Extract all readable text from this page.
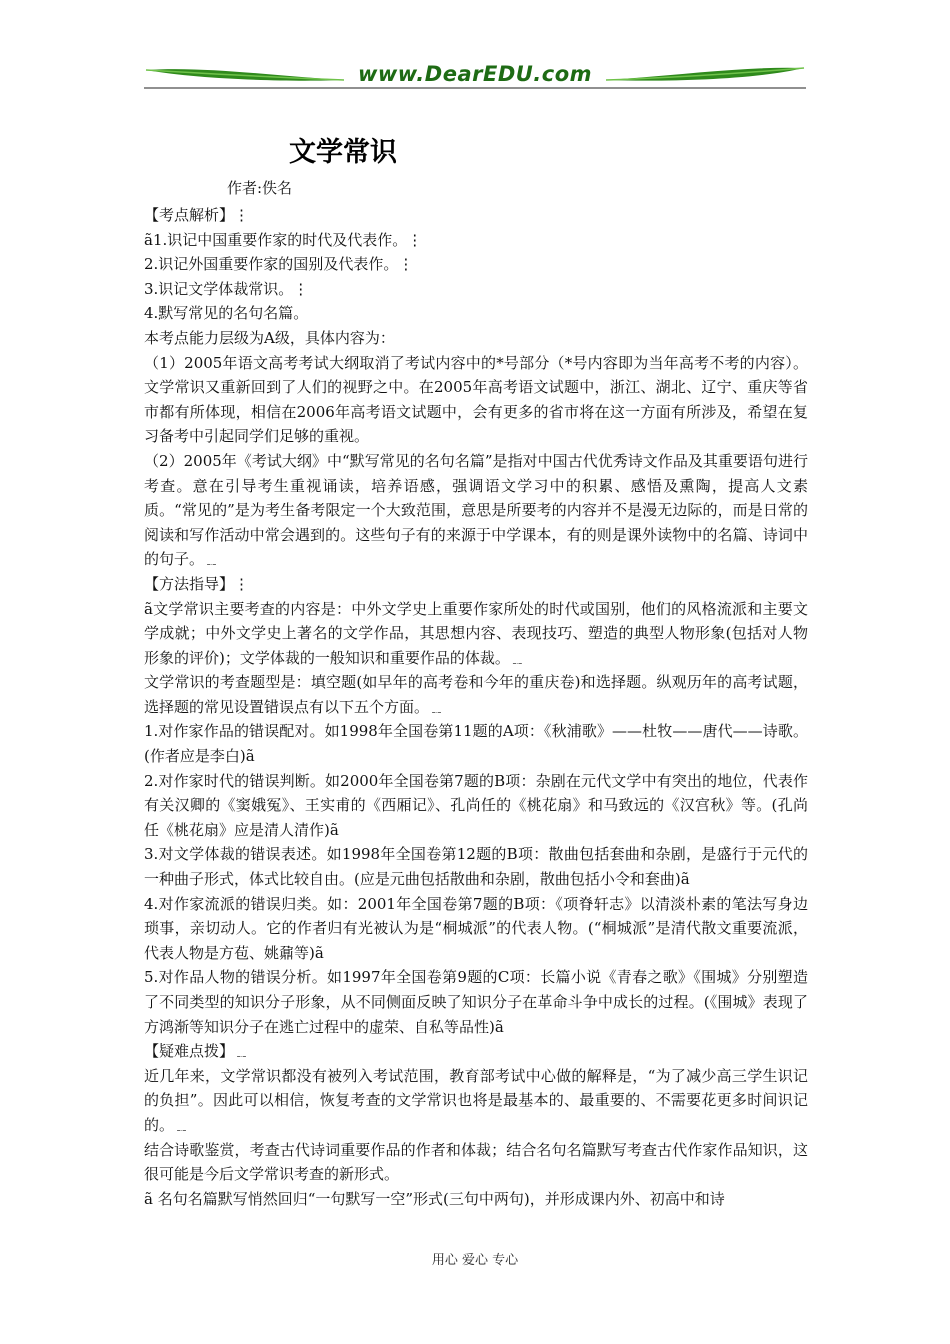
www.DearEDU.com
文学常识
作者:佚名

【考点解析】⋮

ã1.识记中国重要作家的时代及代表作。⋮

2.识记外国重要作家的国别及代表作。⋮

3.识记文学体裁常识。⋮

4.默写常见的名句名篇。

本考点能力层级为A级，具体内容为：

（1）2005年语文高考考试大纲取消了考试内容中的*号部分（*号内容即为当年高考不考的内容）。文学常识又重新回到了人们的视野之中。在2005年高考语文试题中，浙江、湖北、辽宁、重庆等省市都有所体现，相信在2006年高考语文试题中，会有更多的省市将在这一方面有所涉及，希望在复习备考中引起同学们足够的重视。

（2）2005年《考试大纲》中“默写常见的名句名篇”是指对中国古代优秀诗文作品及其重要语句进行考查。意在引导考生重视诵读，培养语感，强调语文学习中的积累、感悟及熏陶，提高人文素质。“常见的”是为考生备考限定一个大致范围，意思是所要考的内容并不是漫无边际的，而是日常的阅读和写作活动中常会遇到的。这些句子有的来源于中学课本，有的则是课外读物中的名篇、诗词中的句子。﹎

【方法指导】⋮

ã文学常识主要考查的内容是：中外文学史上重要作家所处的时代或国别，他们的风格流派和主要文学成就；中外文学史上著名的文学作品，其思想内容、表现技巧、塑造的典型人物形象(包括对人物形象的评价)；文学体裁的一般知识和重要作品的体裁。﹎

文学常识的考查题型是：填空题(如早年的高考卷和今年的重庆卷)和选择题。纵观历年的高考试题，选择题的常见设置错误点有以下五个方面。﹎

1.对作家作品的错误配对。如1998年全国卷第11题的A项：《秋浦歌》——杜牧——唐代——诗歌。(作者应是李白)ã

2.对作家时代的错误判断。如2000年全国卷第7题的B项：杂剧在元代文学中有突出的地位，代表作有关汉卿的《窦娥冤》、王实甫的《西厢记》、孔尚任的《桃花扇》和马致远的《汉宫秋》等。(孔尚任《桃花扇》应是清人清作)ã

3.对文学体裁的错误表述。如1998年全国卷第12题的B项：散曲包括套曲和杂剧，是盛行于元代的一种曲子形式，体式比较自由。(应是元曲包括散曲和杂剧，散曲包括小令和套曲)ã

4.对作家流派的错误归类。如：2001年全国卷第7题的B项：《项脊轩志》以清淡朴素的笔法写身边琐事，亲切动人。它的作者归有光被认为是“桐城派”的代表人物。(“桐城派”是清代散文重要流派，代表人物是方苞、姚鼐等)ã

5.对作品人物的错误分析。如1997年全国卷第9题的C项：长篇小说《青春之歌》《围城》分别塑造了不同类型的知识分子形象，从不同侧面反映了知识分子在革命斗争中成长的过程。(《围城》表现了方鸿渐等知识分子在逃亡过程中的虚荣、自私等品性)ã

【疑难点拨】﹎

近几年来，文学常识都没有被列入考试范围，教育部考试中心做的解释是，“为了减少高三学生识记的负担”。因此可以相信，恢复考查的文学常识也将是最基本的、最重要的、不需要花更多时间识记的。﹎

结合诗歌鉴赏，考查古代诗词重要作品的作者和体裁；结合名句名篇默写考查古代作家作品知识，这很可能是今后文学常识考查的新形式。

ã 名句名篇默写悄然回归“一句默写一空”形式(三句中两句)，并形成课内外、初高中和诗

用心 爱心 专心
